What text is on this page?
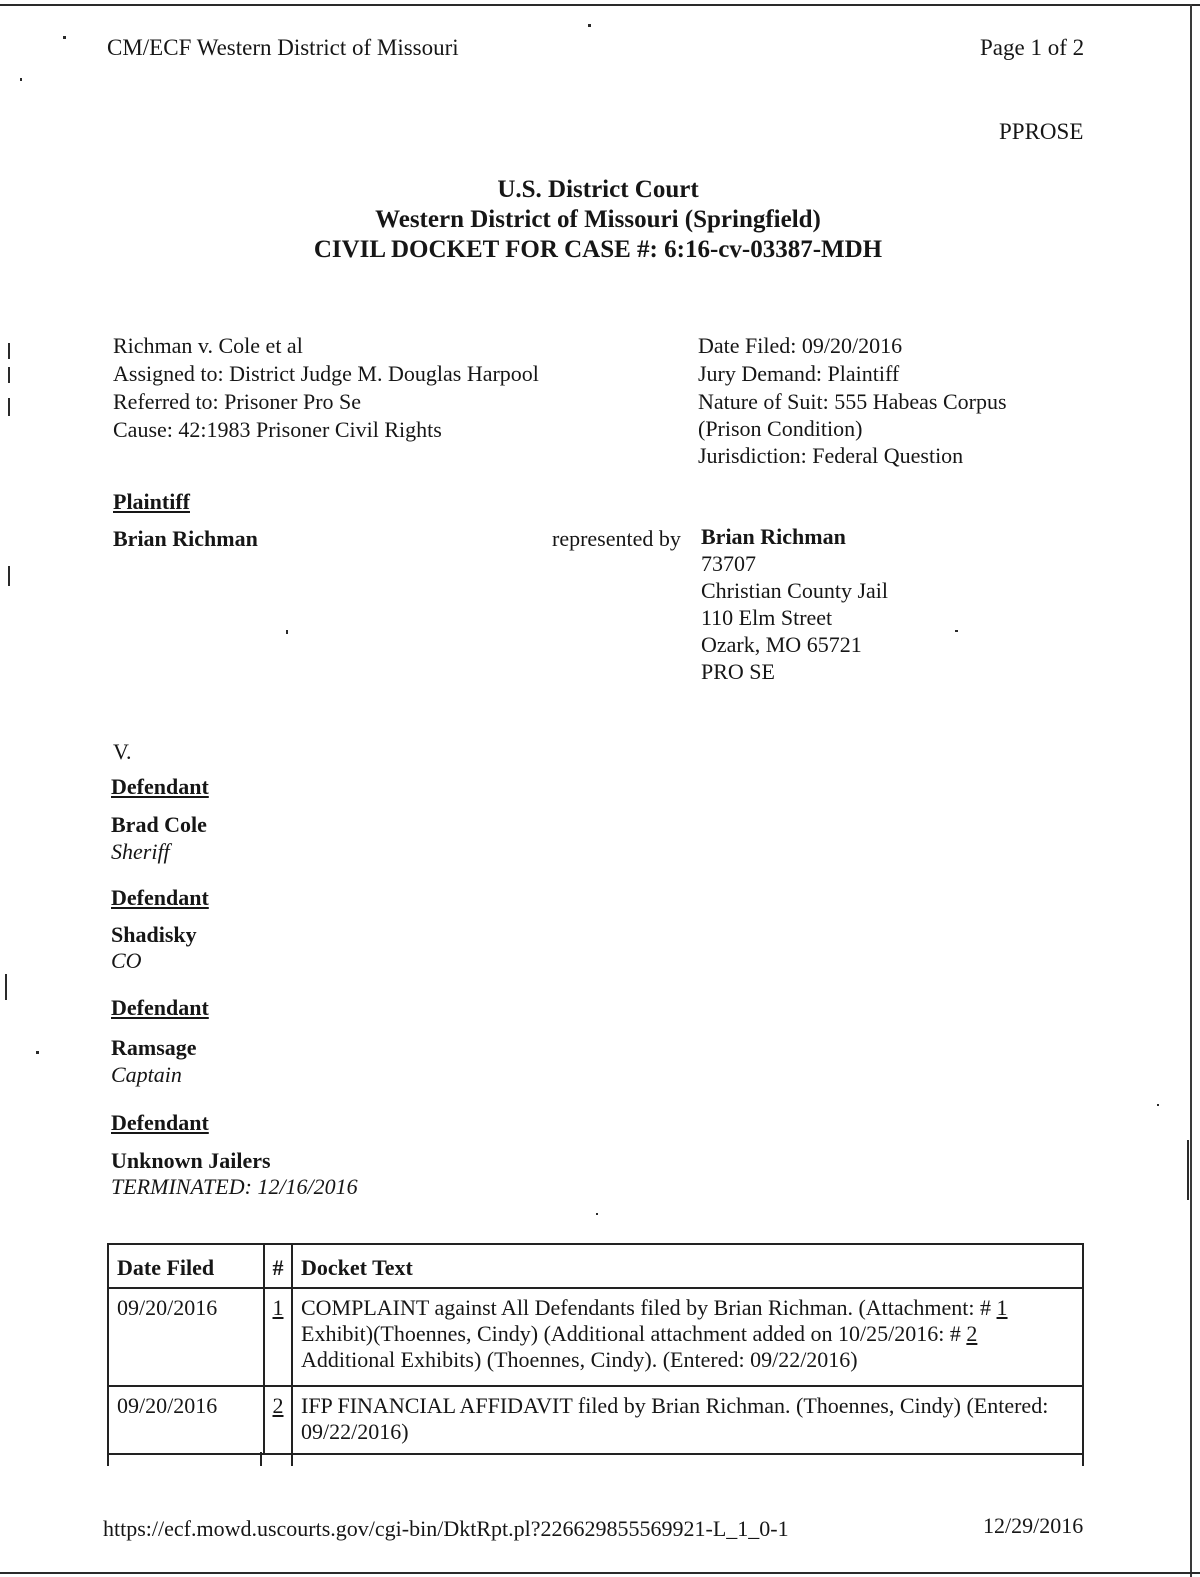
CM/ECF Western District of Missouri	Page 1 of 2
PPROSE
U.S. District Court
Western District of Missouri (Springfield)
CIVIL DOCKET FOR CASE #: 6:16-cv-03387-MDH
Richman v. Cole et al
Assigned to: District Judge M. Douglas Harpool
Referred to: Prisoner Pro Se
Cause: 42:1983 Prisoner Civil Rights
Date Filed: 09/20/2016
Jury Demand: Plaintiff
Nature of Suit: 555 Habeas Corpus
(Prison Condition)
Jurisdiction: Federal Question
Plaintiff
Brian Richman	represented by Brian Richman
73707
Christian County Jail
110 Elm Street
Ozark, MO 65721
PRO SE
V.
Defendant
Brad Cole
Sheriff
Defendant
Shadisky
CO
Defendant
Ramsage
Captain
Defendant
Unknown Jailers
TERMINATED: 12/16/2016
Date Filed	#	Docket Text
09/20/2016	1	COMPLAINT against All Defendants filed by Brian Richman. (Attachment: # 1 Exhibit)(Thoennes, Cindy) (Additional attachment added on 10/25/2016: # 2 Additional Exhibits) (Thoennes, Cindy). (Entered: 09/22/2016)
09/20/2016	2	IFP FINANCIAL AFFIDAVIT filed by Brian Richman. (Thoennes, Cindy) (Entered: 09/22/2016)
https://ecf.mowd.uscourts.gov/cgi-bin/DktRpt.pl?226629855569921-L_1_0-1	12/29/2016
